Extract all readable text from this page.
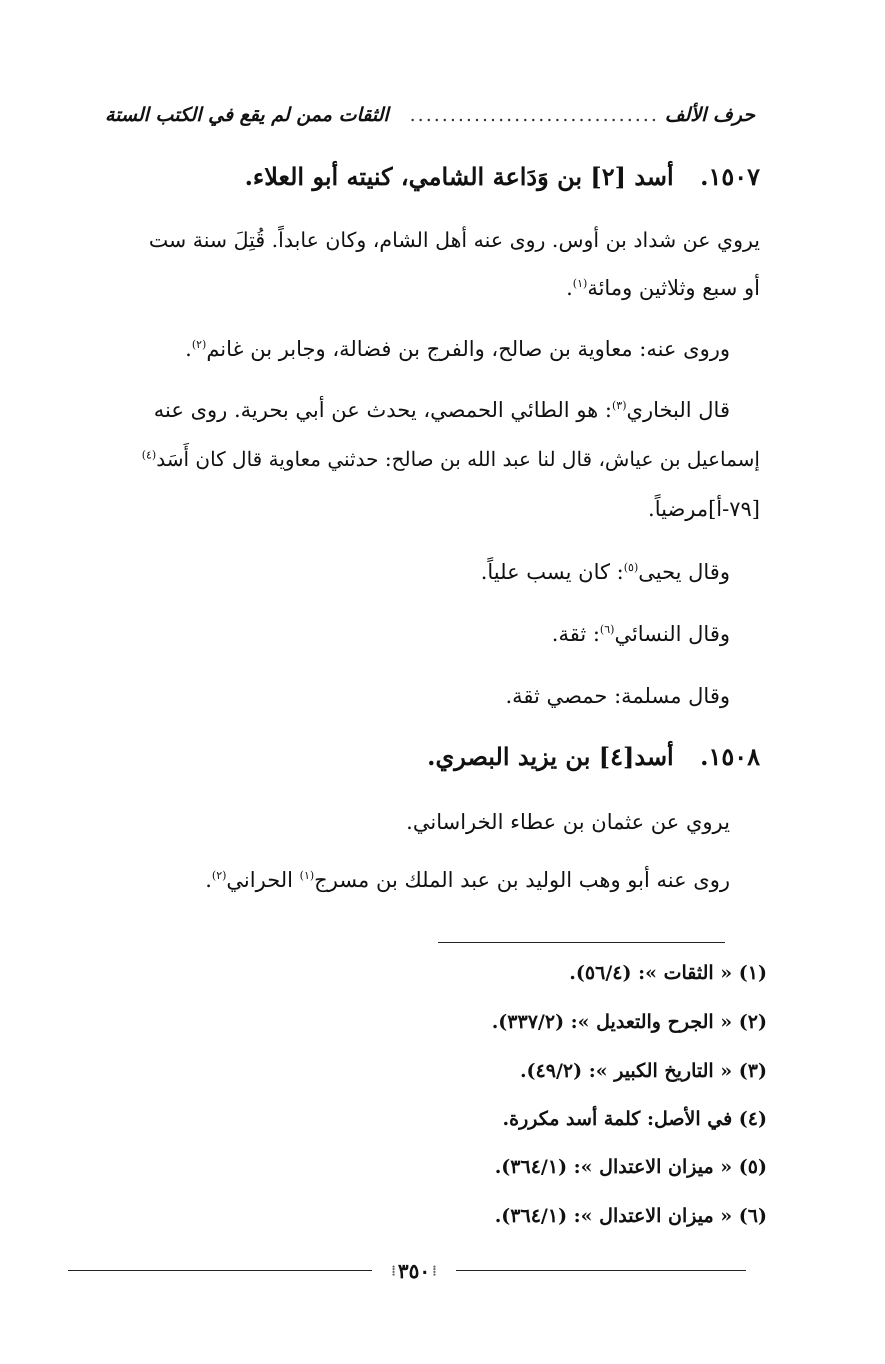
حرف الألف
...............................
الثقات ممن لم يقع في الكتب الستة
١٥٠٧. أسد [٢] بن وَدَاعة الشامي، كنيته أبو العلاء.
يروي عن شداد بن أوس. روى عنه أهل الشام، وكان عابداً. قُتِلَ سنة ست
أو سبع وثلاثين ومائة$^{(١)}$.
وروى عنه: معاوية بن صالح، والفرج بن فضالة، وجابر بن غانم$^{(٢)}$.
قال البخاري$^{(٣)}$: هو الطائي الحمصي، يحدث عن أبي بحرية. روى عنه
إسماعيل بن عياش، قال لنا عبد الله بن صالح: حدثني معاوية قال كان أَسَد$^{(٤)}$
[٧٩-أ]مرضياً.
وقال يحيى$^{(٥)}$: كان يسب علياً.
وقال النسائي$^{(٦)}$: ثقة.
وقال مسلمة: حمصي ثقة.
١٥٠٨. أسد[٤] بن يزيد البصري.
يروي عن عثمان بن عطاء الخراساني.
روى عنه أبو وهب الوليد بن عبد الملك بن مسرج$^{(١)}$ الحراني$^{(٢)}$.
(١) « الثقات »: (٥٦/٤).
(٢) « الجرح والتعديل »: (٣٣٧/٢).
(٣) « التاريخ الكبير »: (٤٩/٢).
(٤) في الأصل: كلمة أسد مكررة.
(٥) « ميزان الاعتدال »: (٣٦٤/١).
(٦) « ميزان الاعتدال »: (٣٦٤/١).
⁞ ٣٥٠ ⁞
